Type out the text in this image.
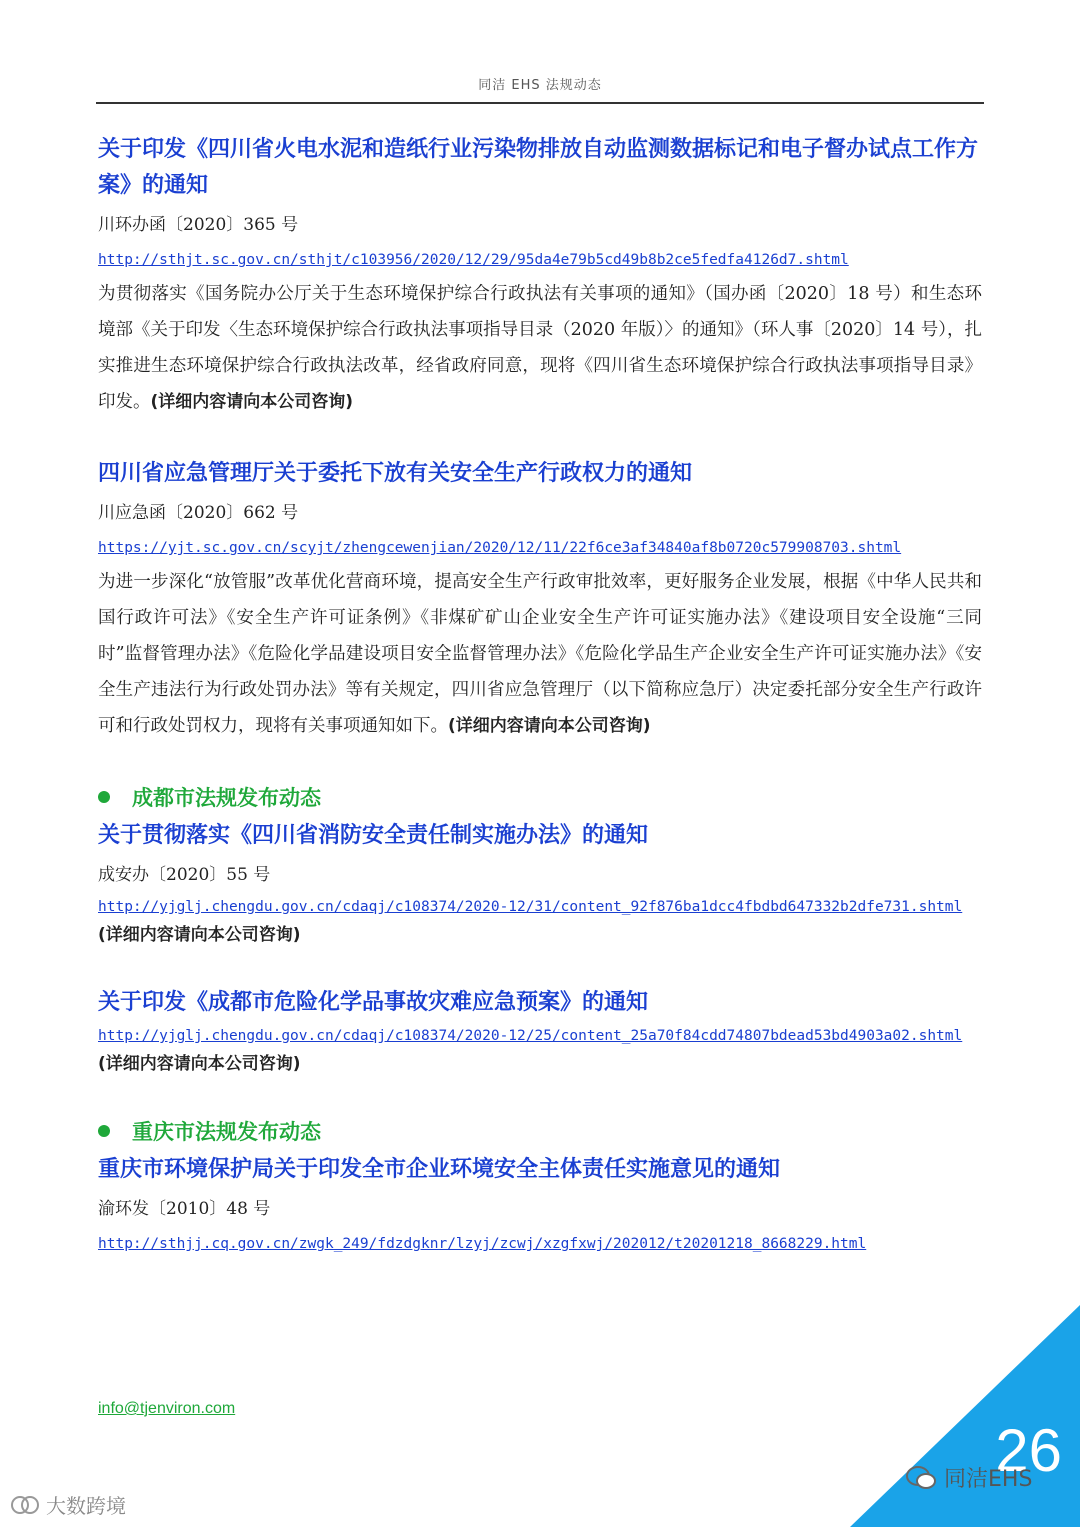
同洁 EHS 法规动态
关于印发《四川省火电水泥和造纸行业污染物排放自动监测数据标记和电子督办试点工作方案》的通知
川环办函〔2020〕365 号
http://sthjt.sc.gov.cn/sthjt/c103956/2020/12/29/95da4e79b5cd49b8b2ce5fedfa4126d7.shtml

为贯彻落实《国务院办公厅关于生态环境保护综合行政执法有关事项的通知》（国办函〔2020〕18 号）和生态环境部《关于印发〈生态环境保护综合行政执法事项指导目录（2020 年版）〉的通知》（环人事〔2020〕14 号），扎实推进生态环境保护综合行政执法改革，经省政府同意，现将《四川省生态环境保护综合行政执法事项指导目录》印发。(详细内容请向本公司咨询)

四川省应急管理厅关于委托下放有关安全生产行政权力的通知
川应急函〔2020〕662 号
https://yjt.sc.gov.cn/scyjt/zhengcewenjian/2020/12/11/22f6ce3af34840af8b0720c579908703.shtml

为进一步深化“放管服”改革优化营商环境，提高安全生产行政审批效率，更好服务企业发展，根据《中华人民共和国行政许可法》《安全生产许可证条例》《非煤矿矿山企业安全生产许可证实施办法》《建设项目安全设施“三同时”监督管理办法》《危险化学品建设项目安全监督管理办法》《危险化学品生产企业安全生产许可证实施办法》《安全生产违法行为行政处罚办法》等有关规定，四川省应急管理厅（以下简称应急厅）决定委托部分安全生产行政许可和行政处罚权力，现将有关事项通知如下。(详细内容请向本公司咨询)

成都市法规发布动态
关于贯彻落实《四川省消防安全责任制实施办法》的通知
成安办〔2020〕55 号
http://yjglj.chengdu.gov.cn/cdaqj/c108374/2020-12/31/content_92f876ba1dcc4fbdbd647332b2dfe731.shtml (详细内容请向本公司咨询)
关于印发《成都市危险化学品事故灾难应急预案》的通知
http://yjglj.chengdu.gov.cn/cdaqj/c108374/2020-12/25/content_25a70f84cdd74807bdead53bd4903a02.shtml (详细内容请向本公司咨询)
重庆市法规发布动态
重庆市环境保护局关于印发全市企业环境安全主体责任实施意见的通知
渝环发〔2010〕48 号
http://sthjj.cq.gov.cn/zwgk_249/fdzdgknr/lzyj/zcwj/xzgfxwj/202012/t20201218_8668229.html
info@tjenviron.com
26
同洁EHS
大数跨境
